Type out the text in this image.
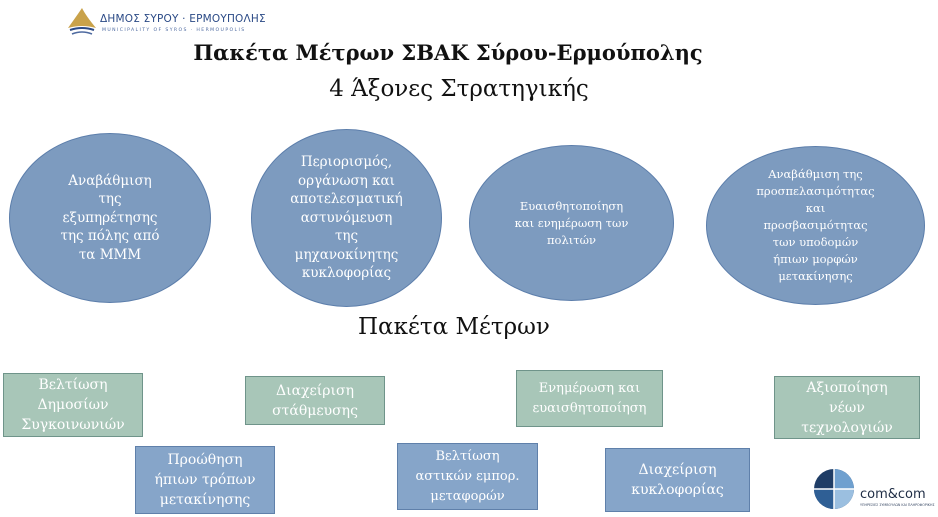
ΔΗΜΟΣ ΣΥΡΟΥ · ΕΡΜΟΥΠΟΛΗΣ
MUNICIPALITY OF SYROS · HERMOUPOLIS
Πακέτα Μέτρων ΣΒΑΚ Σύρου-Ερμούπολης
4 Άξονες Στρατηγικής
Αναβάθμιση
της
εξυπηρέτησης
της πόλης από
τα ΜΜΜ
Περιορισμός,
οργάνωση και
αποτελεσματική
αστυνόμευση
της
μηχανοκίνητης
κυκλοφορίας
Ευαισθητοποίηση
και ενημέρωση των
πολιτών
Αναβάθμιση της
προσπελασιμότητας
και
προσβασιμότητας
των υποδομών
ήπιων μορφών
μετακίνησης
Πακέτα Μέτρων
Βελτίωση
Δημοσίων
Συγκοινωνιών
Διαχείριση
στάθμευσης
Ενημέρωση και
ευαισθητοποίηση
Αξιοποίηση
νέων
τεχνολογιών
Προώθηση
ήπιων τρόπων
μετακίνησης
Βελτίωση
αστικών εμπορ.
μεταφορών
Διαχείριση
κυκλοφορίας	com&com
ΥΠΗΡΕΣΙΕΣ ΣΥΜΒΟΥΛΩΝ ΚΑΙ ΠΛΗΡΟΦΟΡΙΚΗΣ
